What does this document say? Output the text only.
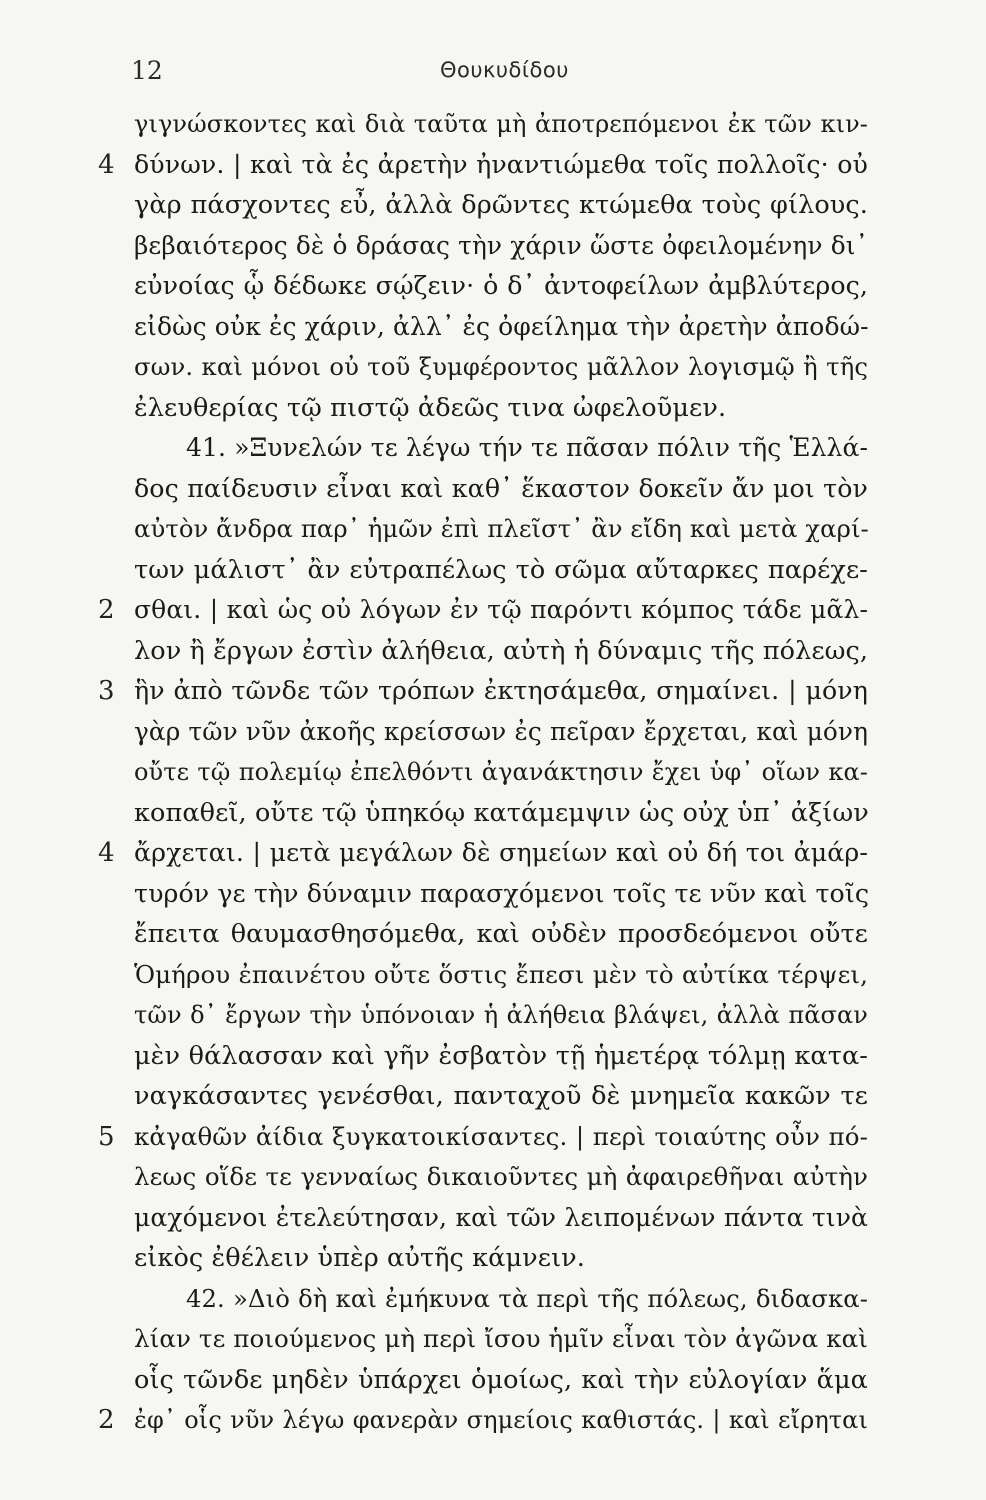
12	Θουκυδίδου
γιγνώσκοντες καὶ διὰ ταῦτα μὴ ἀποτρεπόμενοι ἐκ τῶν κιν-
4 δύνων. | καὶ τὰ ἐς ἀρετὴν ἠναντιώμεθα τοῖς πολλοῖς· οὐ
γὰρ πάσχοντες εὖ, ἀλλὰ δρῶντες κτώμεθα τοὺς φίλους.
βεβαιότερος δὲ ὁ δράσας τὴν χάριν ὥστε ὀφειλομένην δι᾽
εὐνοίας ᾧ δέδωκε σῴζειν· ὁ δ᾽ ἀντοφείλων ἀμβλύτερος,
εἰδὼς οὐκ ἐς χάριν, ἀλλ᾽ ἐς ὀφείλημα τὴν ἀρετὴν ἀποδώ-
σων. καὶ μόνοι οὐ τοῦ ξυμφέροντος μᾶλλον λογισμῷ ἢ τῆς
ἐλευθερίας τῷ πιστῷ ἀδεῶς τινα ὠφελοῦμεν.
41. »Ξυνελών τε λέγω τήν τε πᾶσαν πόλιν τῆς Ἑλλά-
δος παίδευσιν εἶναι καὶ καθ᾽ ἕκαστον δοκεῖν ἄν μοι τὸν
αὐτὸν ἄνδρα παρ᾽ ἡμῶν ἐπὶ πλεῖστ᾽ ἂν εἴδη καὶ μετὰ χαρί-
των μάλιστ᾽ ἂν εὐτραπέλως τὸ σῶμα αὔταρκες παρέχε-
2 σθαι. | καὶ ὡς οὐ λόγων ἐν τῷ παρόντι κόμπος τάδε μᾶλ-
λον ἢ ἔργων ἐστὶν ἀλήθεια, αὐτὴ ἡ δύναμις τῆς πόλεως,
3 ἣν ἀπὸ τῶνδε τῶν τρόπων ἐκτησάμεθα, σημαίνει. | μόνη
γὰρ τῶν νῦν ἀκοῆς κρείσσων ἐς πεῖραν ἔρχεται, καὶ μόνη
οὔτε τῷ πολεμίῳ ἐπελθόντι ἀγανάκτησιν ἔχει ὑφ᾽ οἵων κα-
κοπαθεῖ, οὔτε τῷ ὑπηκόῳ κατάμεμψιν ὡς οὐχ ὑπ᾽ ἀξίων
4 ἄρχεται. | μετὰ μεγάλων δὲ σημείων καὶ οὐ δή τοι ἀμάρ-
τυρόν γε τὴν δύναμιν παρασχόμενοι τοῖς τε νῦν καὶ τοῖς
ἔπειτα θαυμασθησόμεθα, καὶ οὐδὲν προσδεόμενοι οὔτε
Ὁμήρου ἐπαινέτου οὔτε ὅστις ἔπεσι μὲν τὸ αὐτίκα τέρψει,
τῶν δ᾽ ἔργων τὴν ὑπόνοιαν ἡ ἀλήθεια βλάψει, ἀλλὰ πᾶσαν
μὲν θάλασσαν καὶ γῆν ἐσβατὸν τῇ ἡμετέρᾳ τόλμῃ κατα-
ναγκάσαντες γενέσθαι, πανταχοῦ δὲ μνημεῖα κακῶν τε
5 κἀγαθῶν ἀίδια ξυγκατοικίσαντες. | περὶ τοιαύτης οὖν πό-
λεως οἵδε τε γενναίως δικαιοῦντες μὴ ἀφαιρεθῆναι αὐτὴν
μαχόμενοι ἐτελεύτησαν, καὶ τῶν λειπομένων πάντα τινὰ
εἰκὸς ἐθέλειν ὑπὲρ αὐτῆς κάμνειν.
42. »Διὸ δὴ καὶ ἐμήκυνα τὰ περὶ τῆς πόλεως, διδασκα-
λίαν τε ποιούμενος μὴ περὶ ἴσου ἡμῖν εἶναι τὸν ἀγῶνα καὶ
οἷς τῶνδε μηδὲν ὑπάρχει ὁμοίως, καὶ τὴν εὐλογίαν ἅμα
2 ἐφ᾽ οἷς νῦν λέγω φανερὰν σημείοις καθιστάς. | καὶ εἴρηται
